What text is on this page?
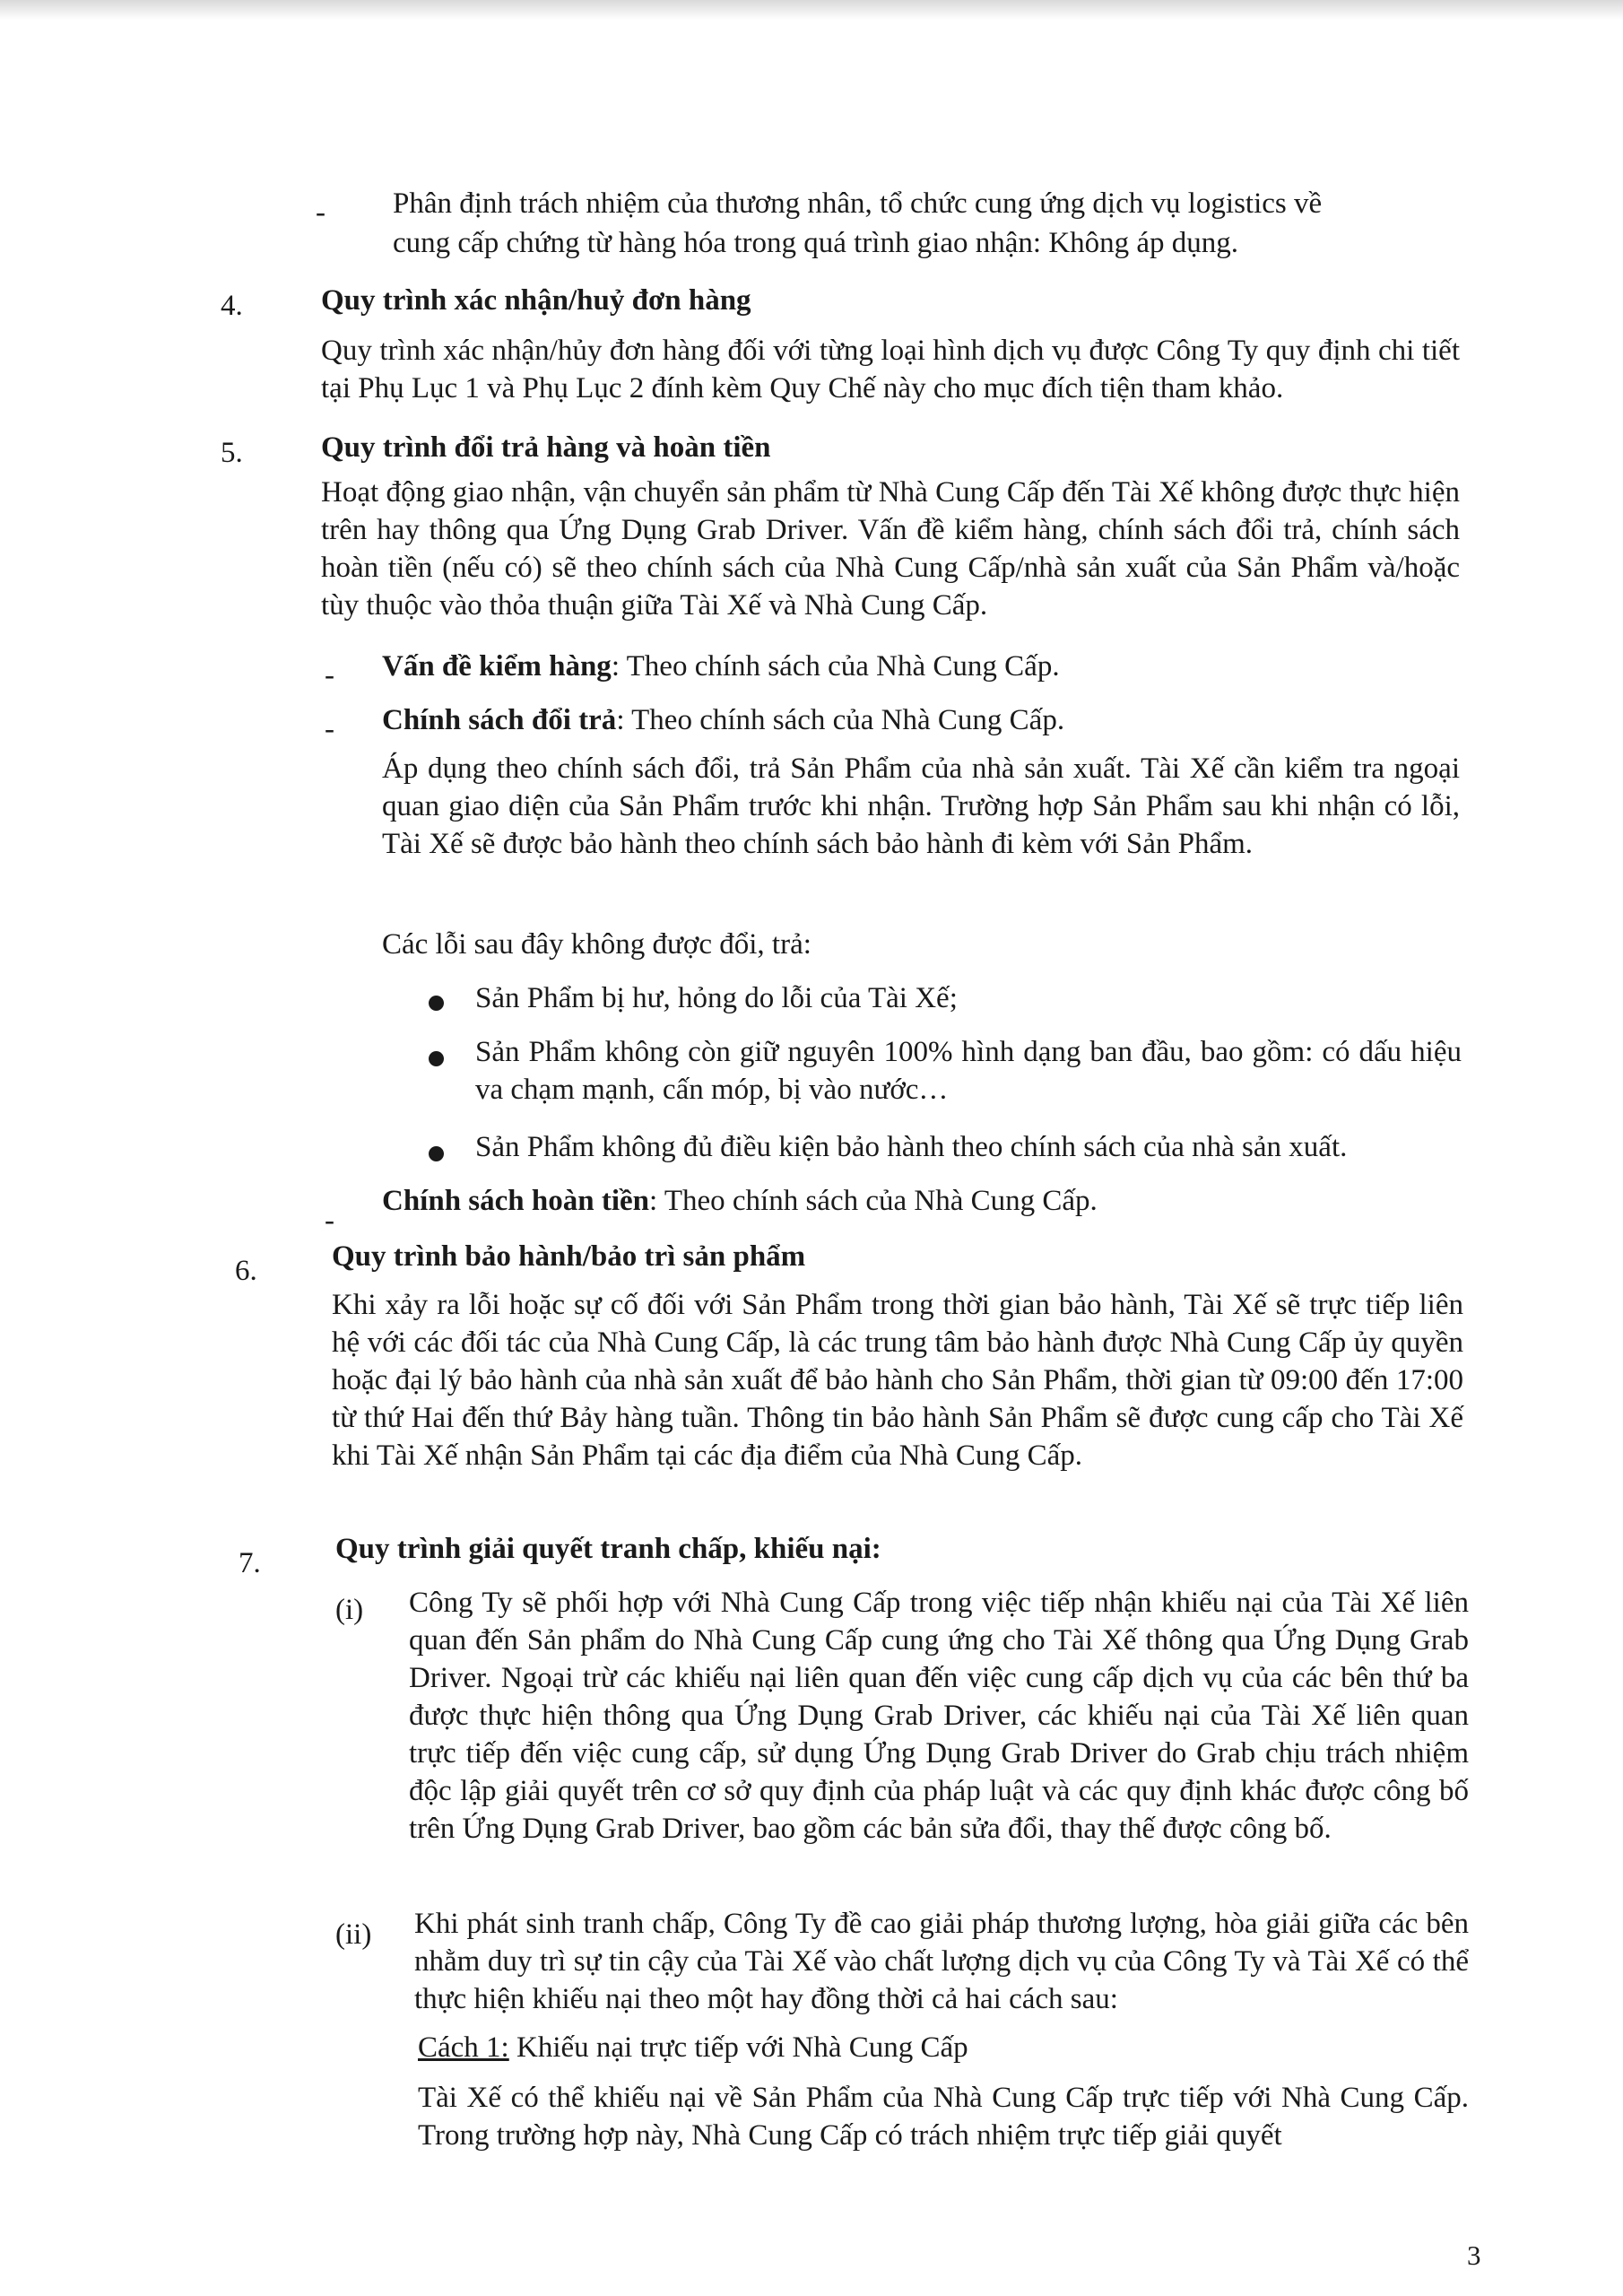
- Phân định trách nhiệm của thương nhân, tổ chức cung ứng dịch vụ logistics về
cung cấp chứng từ hàng hóa trong quá trình giao nhận: Không áp dụng.
4.	Quy trình xác nhận/huỷ đơn hàng
Quy trình xác nhận/hủy đơn hàng đối với từng loại hình dịch vụ được Công Ty quy định chi tiết tại Phụ Lục 1 và Phụ Lục 2 đính kèm Quy Chế này cho mục đích tiện tham khảo.
5.	Quy trình đổi trả hàng và hoàn tiền
Hoạt động giao nhận, vận chuyển sản phẩm từ Nhà Cung Cấp đến Tài Xế không được thực hiện trên hay thông qua Ứng Dụng Grab Driver. Vấn đề kiểm hàng, chính sách đổi trả, chính sách hoàn tiền (nếu có) sẽ theo chính sách của Nhà Cung Cấp/nhà sản xuất của Sản Phẩm và/hoặc tùy thuộc vào thỏa thuận giữa Tài Xế và Nhà Cung Cấp.
- Vấn đề kiểm hàng: Theo chính sách của Nhà Cung Cấp.
- Chính sách đổi trả: Theo chính sách của Nhà Cung Cấp.
Áp dụng theo chính sách đổi, trả Sản Phẩm của nhà sản xuất. Tài Xế cần kiểm tra ngoại quan giao diện của Sản Phẩm trước khi nhận. Trường hợp Sản Phẩm sau khi nhận có lỗi, Tài Xế sẽ được bảo hành theo chính sách bảo hành đi kèm với Sản Phẩm.
Các lỗi sau đây không được đổi, trả:
Sản Phẩm bị hư, hỏng do lỗi của Tài Xế;
Sản Phẩm không còn giữ nguyên 100% hình dạng ban đầu, bao gồm: có dấu hiệu va chạm mạnh, cấn móp, bị vào nước…
Sản Phẩm không đủ điều kiện bảo hành theo chính sách của nhà sản xuất.
-
Chính sách hoàn tiền: Theo chính sách của Nhà Cung Cấp.
6.	Quy trình bảo hành/bảo trì sản phẩm
Khi xảy ra lỗi hoặc sự cố đối với Sản Phẩm trong thời gian bảo hành, Tài Xế sẽ trực tiếp liên hệ với các đối tác của Nhà Cung Cấp, là các trung tâm bảo hành được Nhà Cung Cấp ủy quyền hoặc đại lý bảo hành của nhà sản xuất để bảo hành cho Sản Phẩm, thời gian từ 09:00 đến 17:00 từ thứ Hai đến thứ Bảy hàng tuần. Thông tin bảo hành Sản Phẩm sẽ được cung cấp cho Tài Xế khi Tài Xế nhận Sản Phẩm tại các địa điểm của Nhà Cung Cấp.
7.	Quy trình giải quyết tranh chấp, khiếu nại:
(i) Công Ty sẽ phối hợp với Nhà Cung Cấp trong việc tiếp nhận khiếu nại của Tài Xế liên quan đến Sản phẩm do Nhà Cung Cấp cung ứng cho Tài Xế thông qua Ứng Dụng Grab Driver. Ngoại trừ các khiếu nại liên quan đến việc cung cấp dịch vụ của các bên thứ ba được thực hiện thông qua Ứng Dụng Grab Driver, các khiếu nại của Tài Xế liên quan trực tiếp đến việc cung cấp, sử dụng Ứng Dụng Grab Driver do Grab chịu trách nhiệm độc lập giải quyết trên cơ sở quy định của pháp luật và các quy định khác được công bố trên Ứng Dụng Grab Driver, bao gồm các bản sửa đổi, thay thế được công bố.
(ii) Khi phát sinh tranh chấp, Công Ty đề cao giải pháp thương lượng, hòa giải giữa các bên nhằm duy trì sự tin cậy của Tài Xế vào chất lượng dịch vụ của Công Ty và Tài Xế có thể thực hiện khiếu nại theo một hay đồng thời cả hai cách sau:
Cách 1: Khiếu nại trực tiếp với Nhà Cung Cấp
Tài Xế có thể khiếu nại về Sản Phẩm của Nhà Cung Cấp trực tiếp với Nhà Cung Cấp. Trong trường hợp này, Nhà Cung Cấp có trách nhiệm trực tiếp giải quyết
3
